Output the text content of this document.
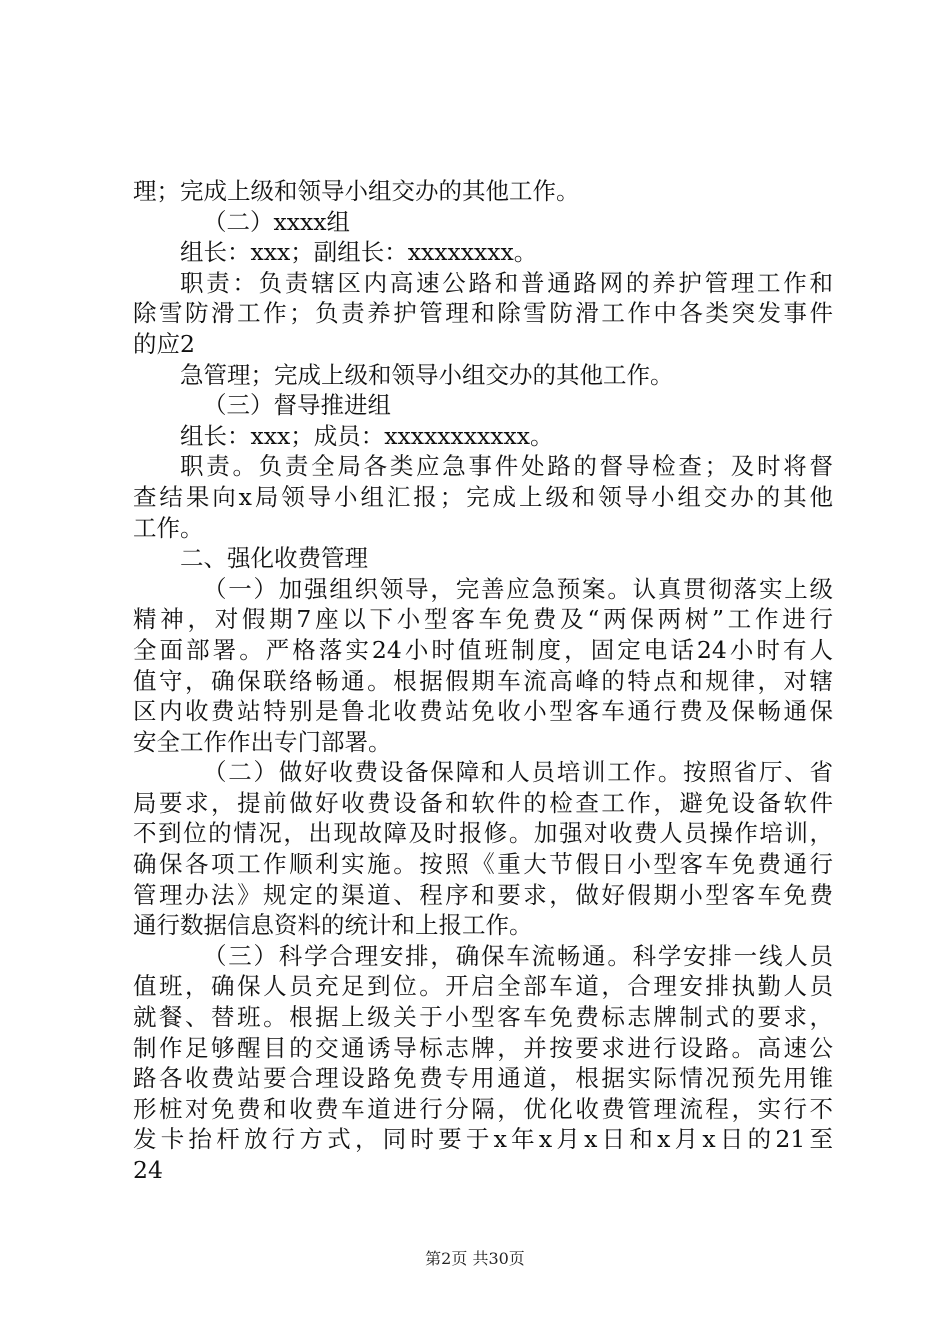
理；完成上级和领导小组交办的其他工作。
（二）xxxx组
组长：xxx；副组长：xxxxxxxx。
职责：负责辖区内高速公路和普通路网的养护管理工作和
除雪防滑工作；负责养护管理和除雪防滑工作中各类突发事件
的应2
急管理；完成上级和领导小组交办的其他工作。
（三）督导推进组
组长：xxx；成员：xxxxxxxxxxx。
职责。负责全局各类应急事件处路的督导检查；及时将督
查结果向x局领导小组汇报；完成上级和领导小组交办的其他
工作。
二、强化收费管理
（一）加强组织领导，完善应急预案。认真贯彻落实上级
精神，对假期7座以下小型客车免费及“两保两树”工作进行
全面部署。严格落实24小时值班制度，固定电话24小时有人
值守，确保联络畅通。根据假期车流高峰的特点和规律，对辖
区内收费站特别是鲁北收费站免收小型客车通行费及保畅通保
安全工作作出专门部署。
（二）做好收费设备保障和人员培训工作。按照省厅、省
局要求，提前做好收费设备和软件的检查工作，避免设备软件
不到位的情况，出现故障及时报修。加强对收费人员操作培训，
确保各项工作顺利实施。按照《重大节假日小型客车免费通行
管理办法》规定的渠道、程序和要求，做好假期小型客车免费
通行数据信息资料的统计和上报工作。
（三）科学合理安排，确保车流畅通。科学安排一线人员
值班，确保人员充足到位。开启全部车道，合理安排执勤人员
就餐、替班。根据上级关于小型客车免费标志牌制式的要求，
制作足够醒目的交通诱导标志牌，并按要求进行设路。高速公
路各收费站要合理设路免费专用通道，根据实际情况预先用锥
形桩对免费和收费车道进行分隔，优化收费管理流程，实行不
发卡抬杆放行方式，同时要于x年x月x日和x月x日的21至
24
第2页 共30页
